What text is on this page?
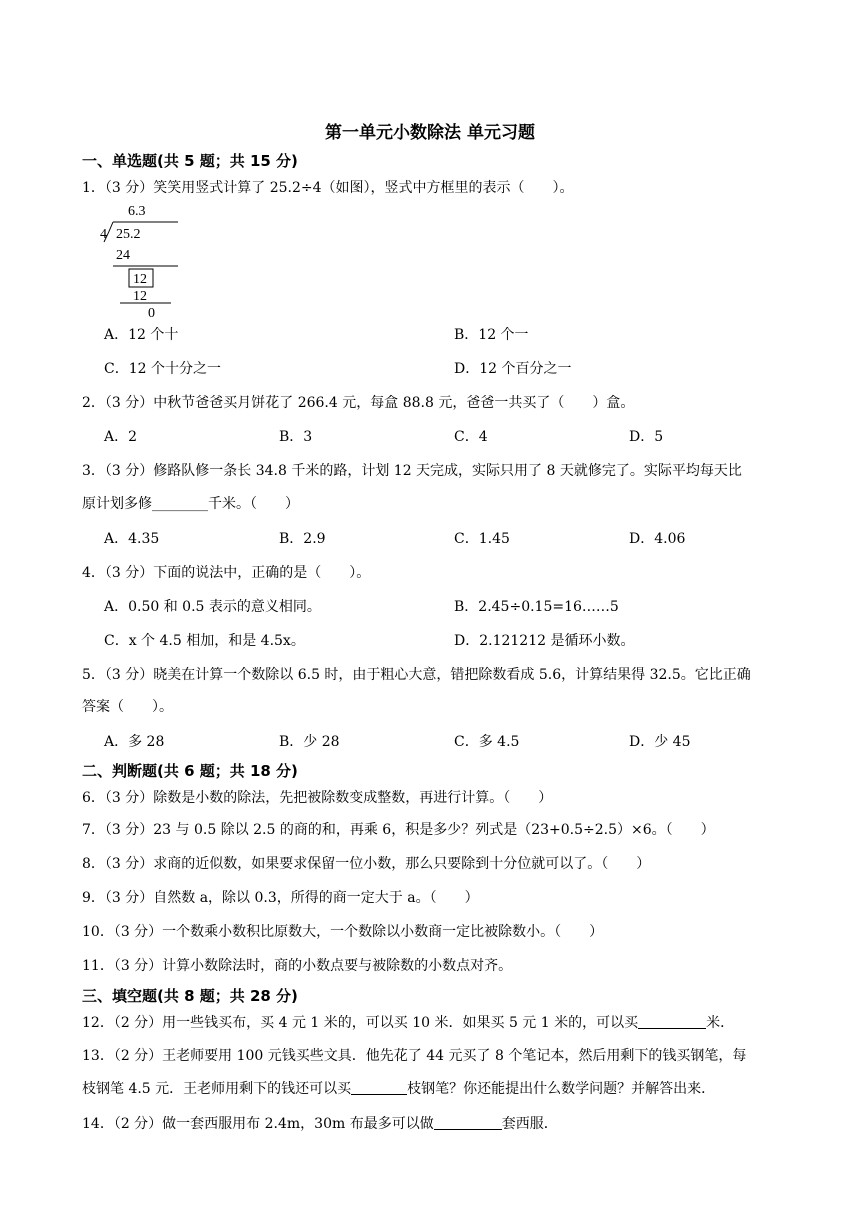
第一单元小数除法 单元习题
一、单选题(共 5 题；共 15 分)
1．（3 分）笑笑用竖式计算了 25.2÷4（如图），竖式中方框里的表示（　　）。
6.3
4 25.2
24
12
12
0
A．12 个十	B．12 个一
C．12 个十分之一	D．12 个百分之一
2．（3 分）中秋节爸爸买月饼花了 266.4 元，每盒 88.8 元，爸爸一共买了（　　）盒。
A．2	B．3	C．4	D．5
3．（3 分）修路队修一条长 34.8 千米的路，计划 12 天完成，实际只用了 8 天就修完了。实际平均每天比
原计划多修________千米。（　　）
A．4.35	B．2.9	C．1.45	D．4.06
4．（3 分）下面的说法中，正确的是（　　）。
A．0.50 和 0.5 表示的意义相同。	B．2.45÷0.15=16……5
C．x 个 4.5 相加，和是 4.5x。	D．2.121212 是循环小数。
5．（3 分）晓美在计算一个数除以 6.5 时，由于粗心大意，错把除数看成 5.6，计算结果得 32.5。它比正确
答案（　　）。
A．多 28	B．少 28	C．多 4.5	D．少 45
二、判断题(共 6 题；共 18 分)
6．（3 分）除数是小数的除法，先把被除数变成整数，再进行计算。（　　）
7．（3 分）23 与 0.5 除以 2.5 的商的和，再乘 6，积是多少？列式是（23+0.5÷2.5）×6。（　　）
8．（3 分）求商的近似数，如果要求保留一位小数，那么只要除到十分位就可以了。（　　）
9．（3 分）自然数 a，除以 0.3，所得的商一定大于 a。（　　）
10．（3 分）一个数乘小数积比原数大，一个数除以小数商一定比被除数小。（　　）
11．（3 分）计算小数除法时，商的小数点要与被除数的小数点对齐。
三、填空题(共 8 题；共 28 分)
12．（2 分）用一些钱买布，买 4 元 1 米的，可以买 10 米．如果买 5 元 1 米的，可以买	米．
13．（2 分）王老师要用 100 元钱买些文具．他先花了 44 元买了 8 个笔记本，然后用剩下的钱买钢笔，每
枝钢笔 4.5 元．王老师用剩下的钱还可以买	枝钢笔？你还能提出什么数学问题？并解答出来．
14．（2 分）做一套西服用布 2.4m，30m 布最多可以做	套西服．
